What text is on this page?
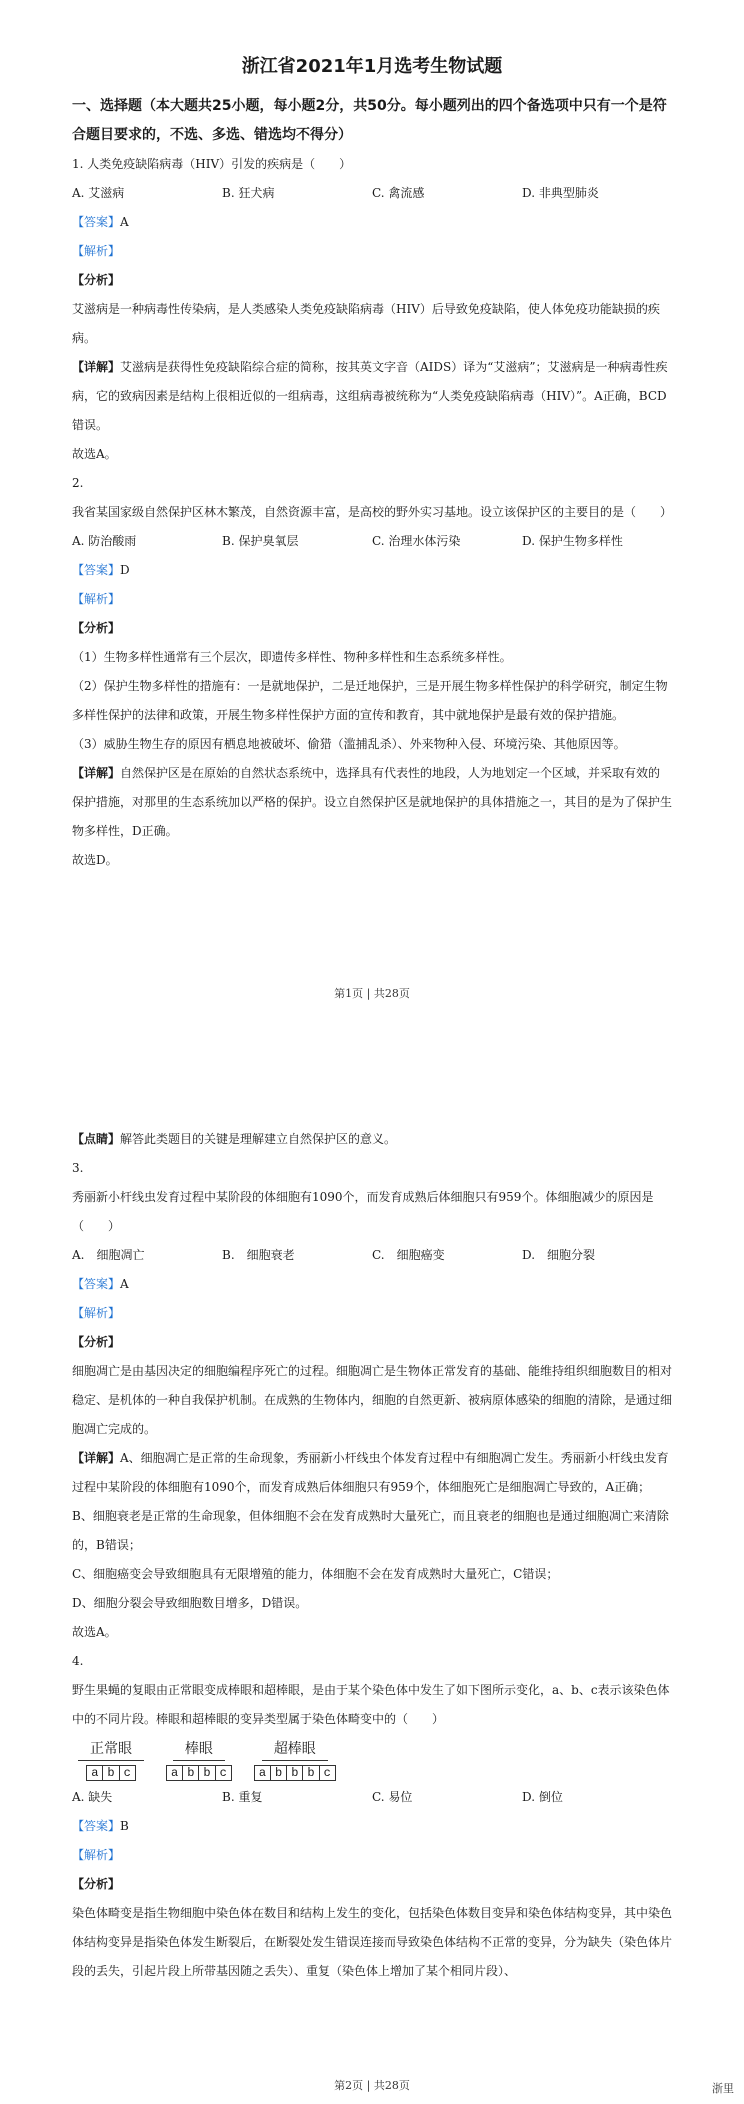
浙江省2021年1月选考生物试题

一、选择题（本大题共25小题，每小题2分，共50分。每小题列出的四个备选项中只有一个是符合题目要求的，不选、多选、错选均不得分）

1. 人类免疫缺陷病毒（HIV）引发的疾病是（　　）

A. 艾滋病	B. 狂犬病	C. 禽流感	D. 非典型肺炎

【答案】A

【解析】

【分析】

艾滋病是一种病毒性传染病，是人类感染人类免疫缺陷病毒（HIV）后导致免疫缺陷，使人体免疫功能缺损的疾病。

【详解】艾滋病是获得性免疫缺陷综合症的简称，按其英文字音（AIDS）译为“艾滋病”；艾滋病是一种病毒性疾病，它的致病因素是结构上很相近似的一组病毒，这组病毒被统称为“人类免疫缺陷病毒（HIV）”。A正确，BCD错误。

故选A。

2.

我省某国家级自然保护区林木繁茂，自然资源丰富，是高校的野外实习基地。设立该保护区的主要目的是（　　）

A. 防治酸雨	B. 保护臭氧层	C. 治理水体污染	D. 保护生物多样性

【答案】D

【解析】

【分析】

（1）生物多样性通常有三个层次，即遗传多样性、物种多样性和生态系统多样性。

（2）保护生物多样性的措施有：一是就地保护，二是迁地保护，三是开展生物多样性保护的科学研究，制定生物多样性保护的法律和政策，开展生物多样性保护方面的宣传和教育，其中就地保护是最有效的保护措施。

（3）威胁生物生存的原因有栖息地被破坏、偷猎（滥捕乱杀）、外来物种入侵、环境污染、其他原因等。

【详解】自然保护区是在原始的自然状态系统中，选择具有代表性的地段，人为地划定一个区域，并采取有效的保护措施，对那里的生态系统加以严格的保护。设立自然保护区是就地保护的具体措施之一，其目的是为了保护生物多样性，D正确。

故选D。

第1页 | 共28页

【点睛】解答此类题目的关键是理解建立自然保护区的意义。

3.

秀丽新小杆线虫发育过程中某阶段的体细胞有1090个，而发育成熟后体细胞只有959个。体细胞减少的原因是（　　）

A.　细胞凋亡	B.　细胞衰老	C.　细胞癌变	D.　细胞分裂

【答案】A

【解析】

【分析】

细胞凋亡是由基因决定的细胞编程序死亡的过程。细胞凋亡是生物体正常发育的基础、能维持组织细胞数目的相对稳定、是机体的一种自我保护机制。在成熟的生物体内，细胞的自然更新、被病原体感染的细胞的清除，是通过细胞凋亡完成的。

【详解】A、细胞凋亡是正常的生命现象，秀丽新小杆线虫个体发育过程中有细胞凋亡发生。秀丽新小杆线虫发育过程中某阶段的体细胞有1090个，而发育成熟后体细胞只有959个，体细胞死亡是细胞凋亡导致的，A正确；

B、细胞衰老是正常的生命现象，但体细胞不会在发育成熟时大量死亡，而且衰老的细胞也是通过细胞凋亡来清除的，B错误；

C、细胞癌变会导致细胞具有无限增殖的能力，体细胞不会在发育成熟时大量死亡，C错误；

D、细胞分裂会导致细胞数目增多，D错误。

故选A。

4.

野生果蝇的复眼由正常眼变成棒眼和超棒眼，是由于某个染色体中发生了如下图所示变化，a、b、c表示该染色体中的不同片段。棒眼和超棒眼的变异类型属于染色体畸变中的（　　）

正常眼
a b c
棒眼
a b b c
超棒眼
a b b b c
A. 缺失	B. 重复	C. 易位	D. 倒位

【答案】B

【解析】

【分析】

染色体畸变是指生物细胞中染色体在数目和结构上发生的变化，包括染色体数目变异和染色体结构变异，其中染色体结构变异是指染色体发生断裂后，在断裂处发生错误连接而导致染色体结构不正常的变异，分为缺失（染色体片段的丢失，引起片段上所带基因随之丢失）、重复（染色体上增加了某个相同片段）、

第2页 | 共28页	浙里
